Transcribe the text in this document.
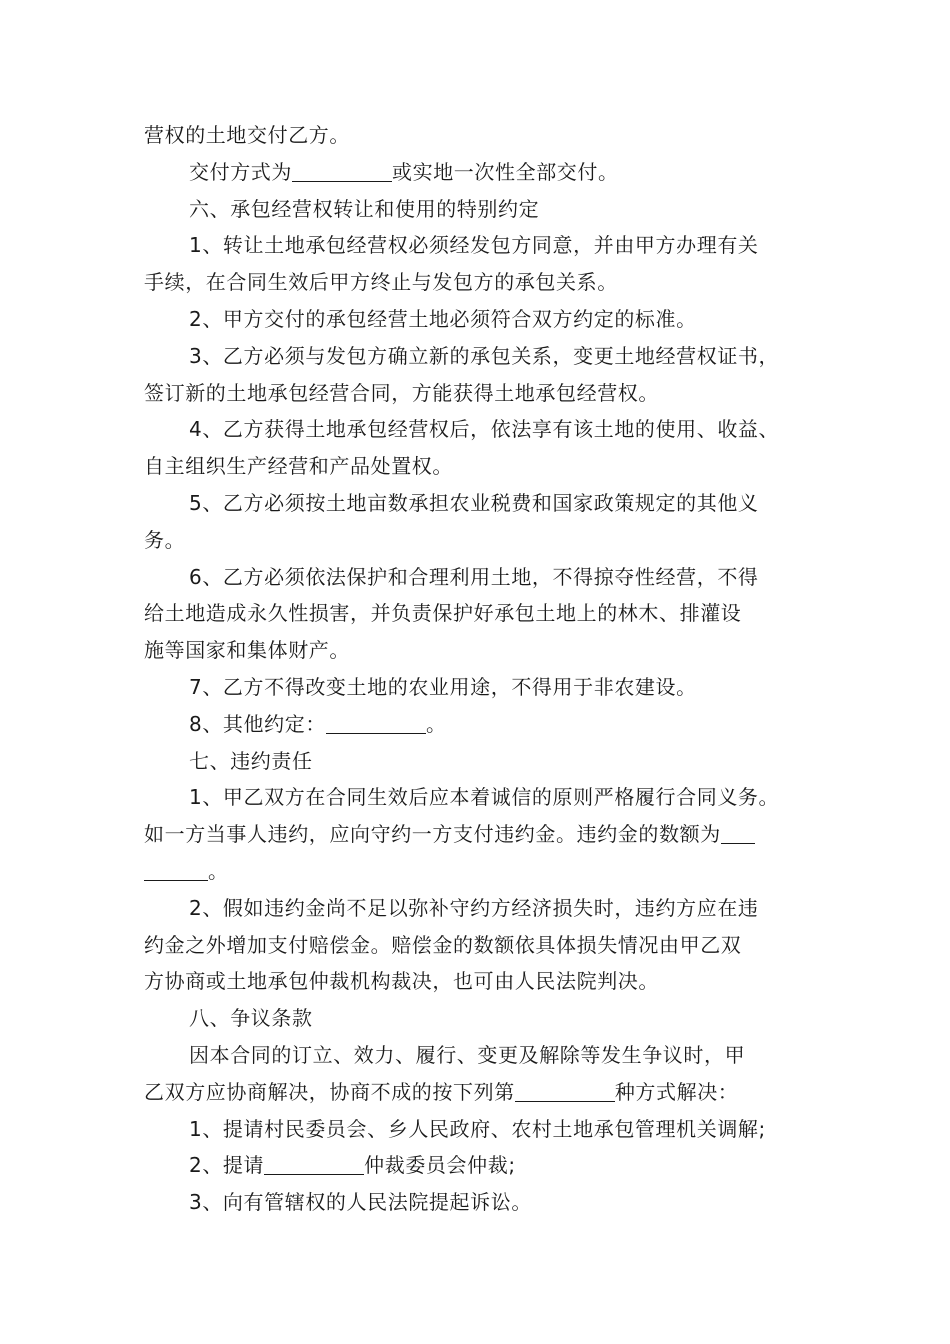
营权的土地交付乙方。
交付方式为	或实地一次性全部交付。
六、承包经营权转让和使用的特别约定
1、转让土地承包经营权必须经发包方同意，并由甲方办理有关
手续，在合同生效后甲方终止与发包方的承包关系。
2、甲方交付的承包经营土地必须符合双方约定的标准。
3、乙方必须与发包方确立新的承包关系，变更土地经营权证书，
签订新的土地承包经营合同，方能获得土地承包经营权。
4、乙方获得土地承包经营权后，依法享有该土地的使用、收益、
自主组织生产经营和产品处置权。
5、乙方必须按土地亩数承担农业税费和国家政策规定的其他义
务。
6、乙方必须依法保护和合理利用土地，不得掠夺性经营，不得
给土地造成永久性损害，并负责保护好承包土地上的林木、排灌设
施等国家和集体财产。
7、乙方不得改变土地的农业用途，不得用于非农建设。
8、其他约定：	。
七、违约责任
1、甲乙双方在合同生效后应本着诚信的原则严格履行合同义务。
如一方当事人违约，应向守约一方支付违约金。违约金的数额为
。
2、假如违约金尚不足以弥补守约方经济损失时，违约方应在违
约金之外增加支付赔偿金。赔偿金的数额依具体损失情况由甲乙双
方协商或土地承包仲裁机构裁决，也可由人民法院判决。
八、争议条款
因本合同的订立、效力、履行、变更及解除等发生争议时，甲
乙双方应协商解决，协商不成的按下列第	种方式解决：
1、提请村民委员会、乡人民政府、农村土地承包管理机关调解;
2、提请	仲裁委员会仲裁;
3、向有管辖权的人民法院提起诉讼。
